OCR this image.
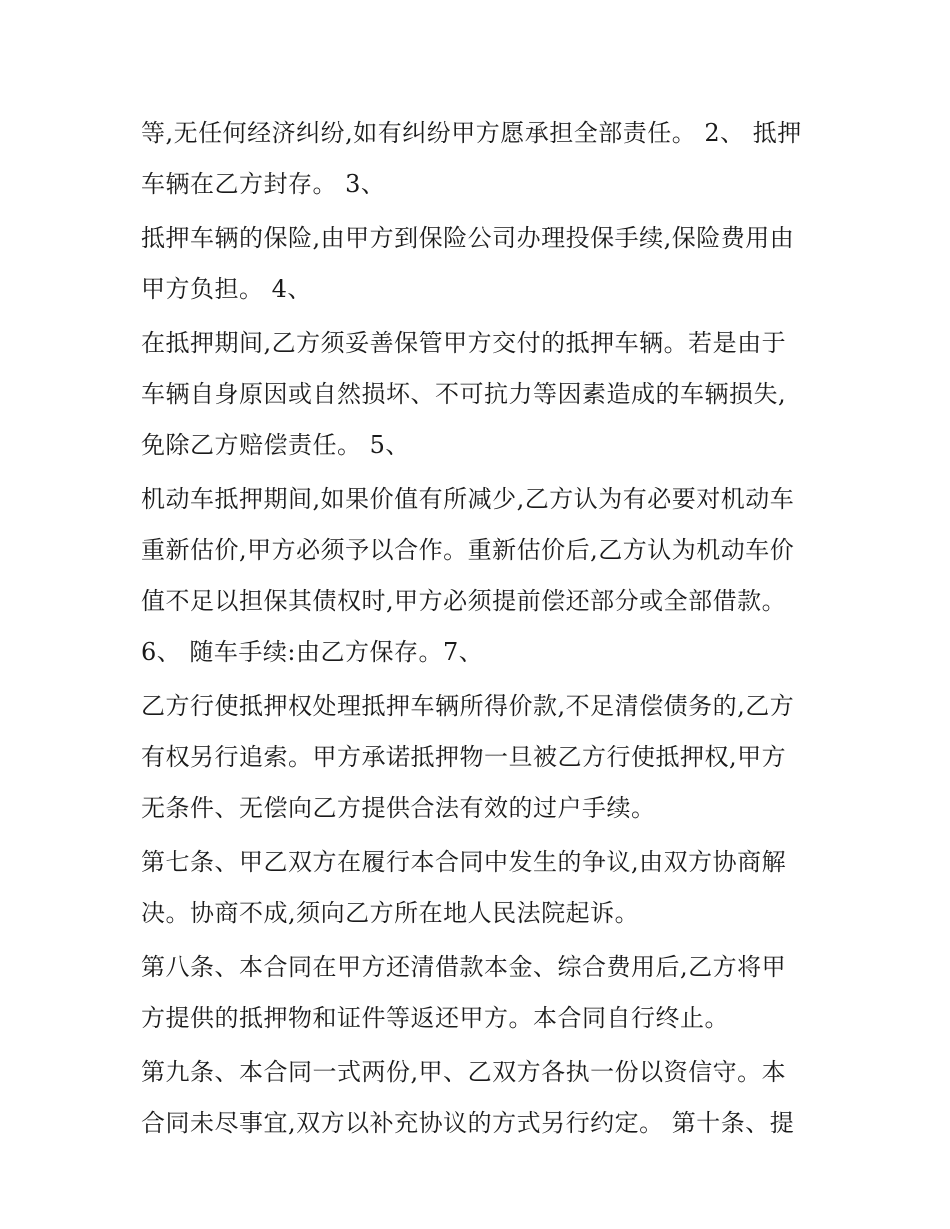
等,无任何经济纠纷,如有纠纷甲方愿承担全部责任。 2、 抵押
车辆在乙方封存。 3、
抵押车辆的保险,由甲方到保险公司办理投保手续,保险费用由
甲方负担。 4、
在抵押期间,乙方须妥善保管甲方交付的抵押车辆。若是由于
车辆自身原因或自然损坏、不可抗力等因素造成的车辆损失,
免除乙方赔偿责任。 5、
机动车抵押期间,如果价值有所减少,乙方认为有必要对机动车
重新估价,甲方必须予以合作。重新估价后,乙方认为机动车价
值不足以担保其债权时,甲方必须提前偿还部分或全部借款。
6、 随车手续:由乙方保存。7、
乙方行使抵押权处理抵押车辆所得价款,不足清偿债务的,乙方
有权另行追索。甲方承诺抵押物一旦被乙方行使抵押权,甲方
无条件、无偿向乙方提供合法有效的过户手续。
第七条、甲乙双方在履行本合同中发生的争议,由双方协商解
决。协商不成,须向乙方所在地人民法院起诉。
第八条、本合同在甲方还清借款本金、综合费用后,乙方将甲
方提供的抵押物和证件等返还甲方。本合同自行终止。
第九条、本合同一式两份,甲、乙双方各执一份以资信守。本
合同未尽事宜,双方以补充协议的方式另行约定。 第十条、提
